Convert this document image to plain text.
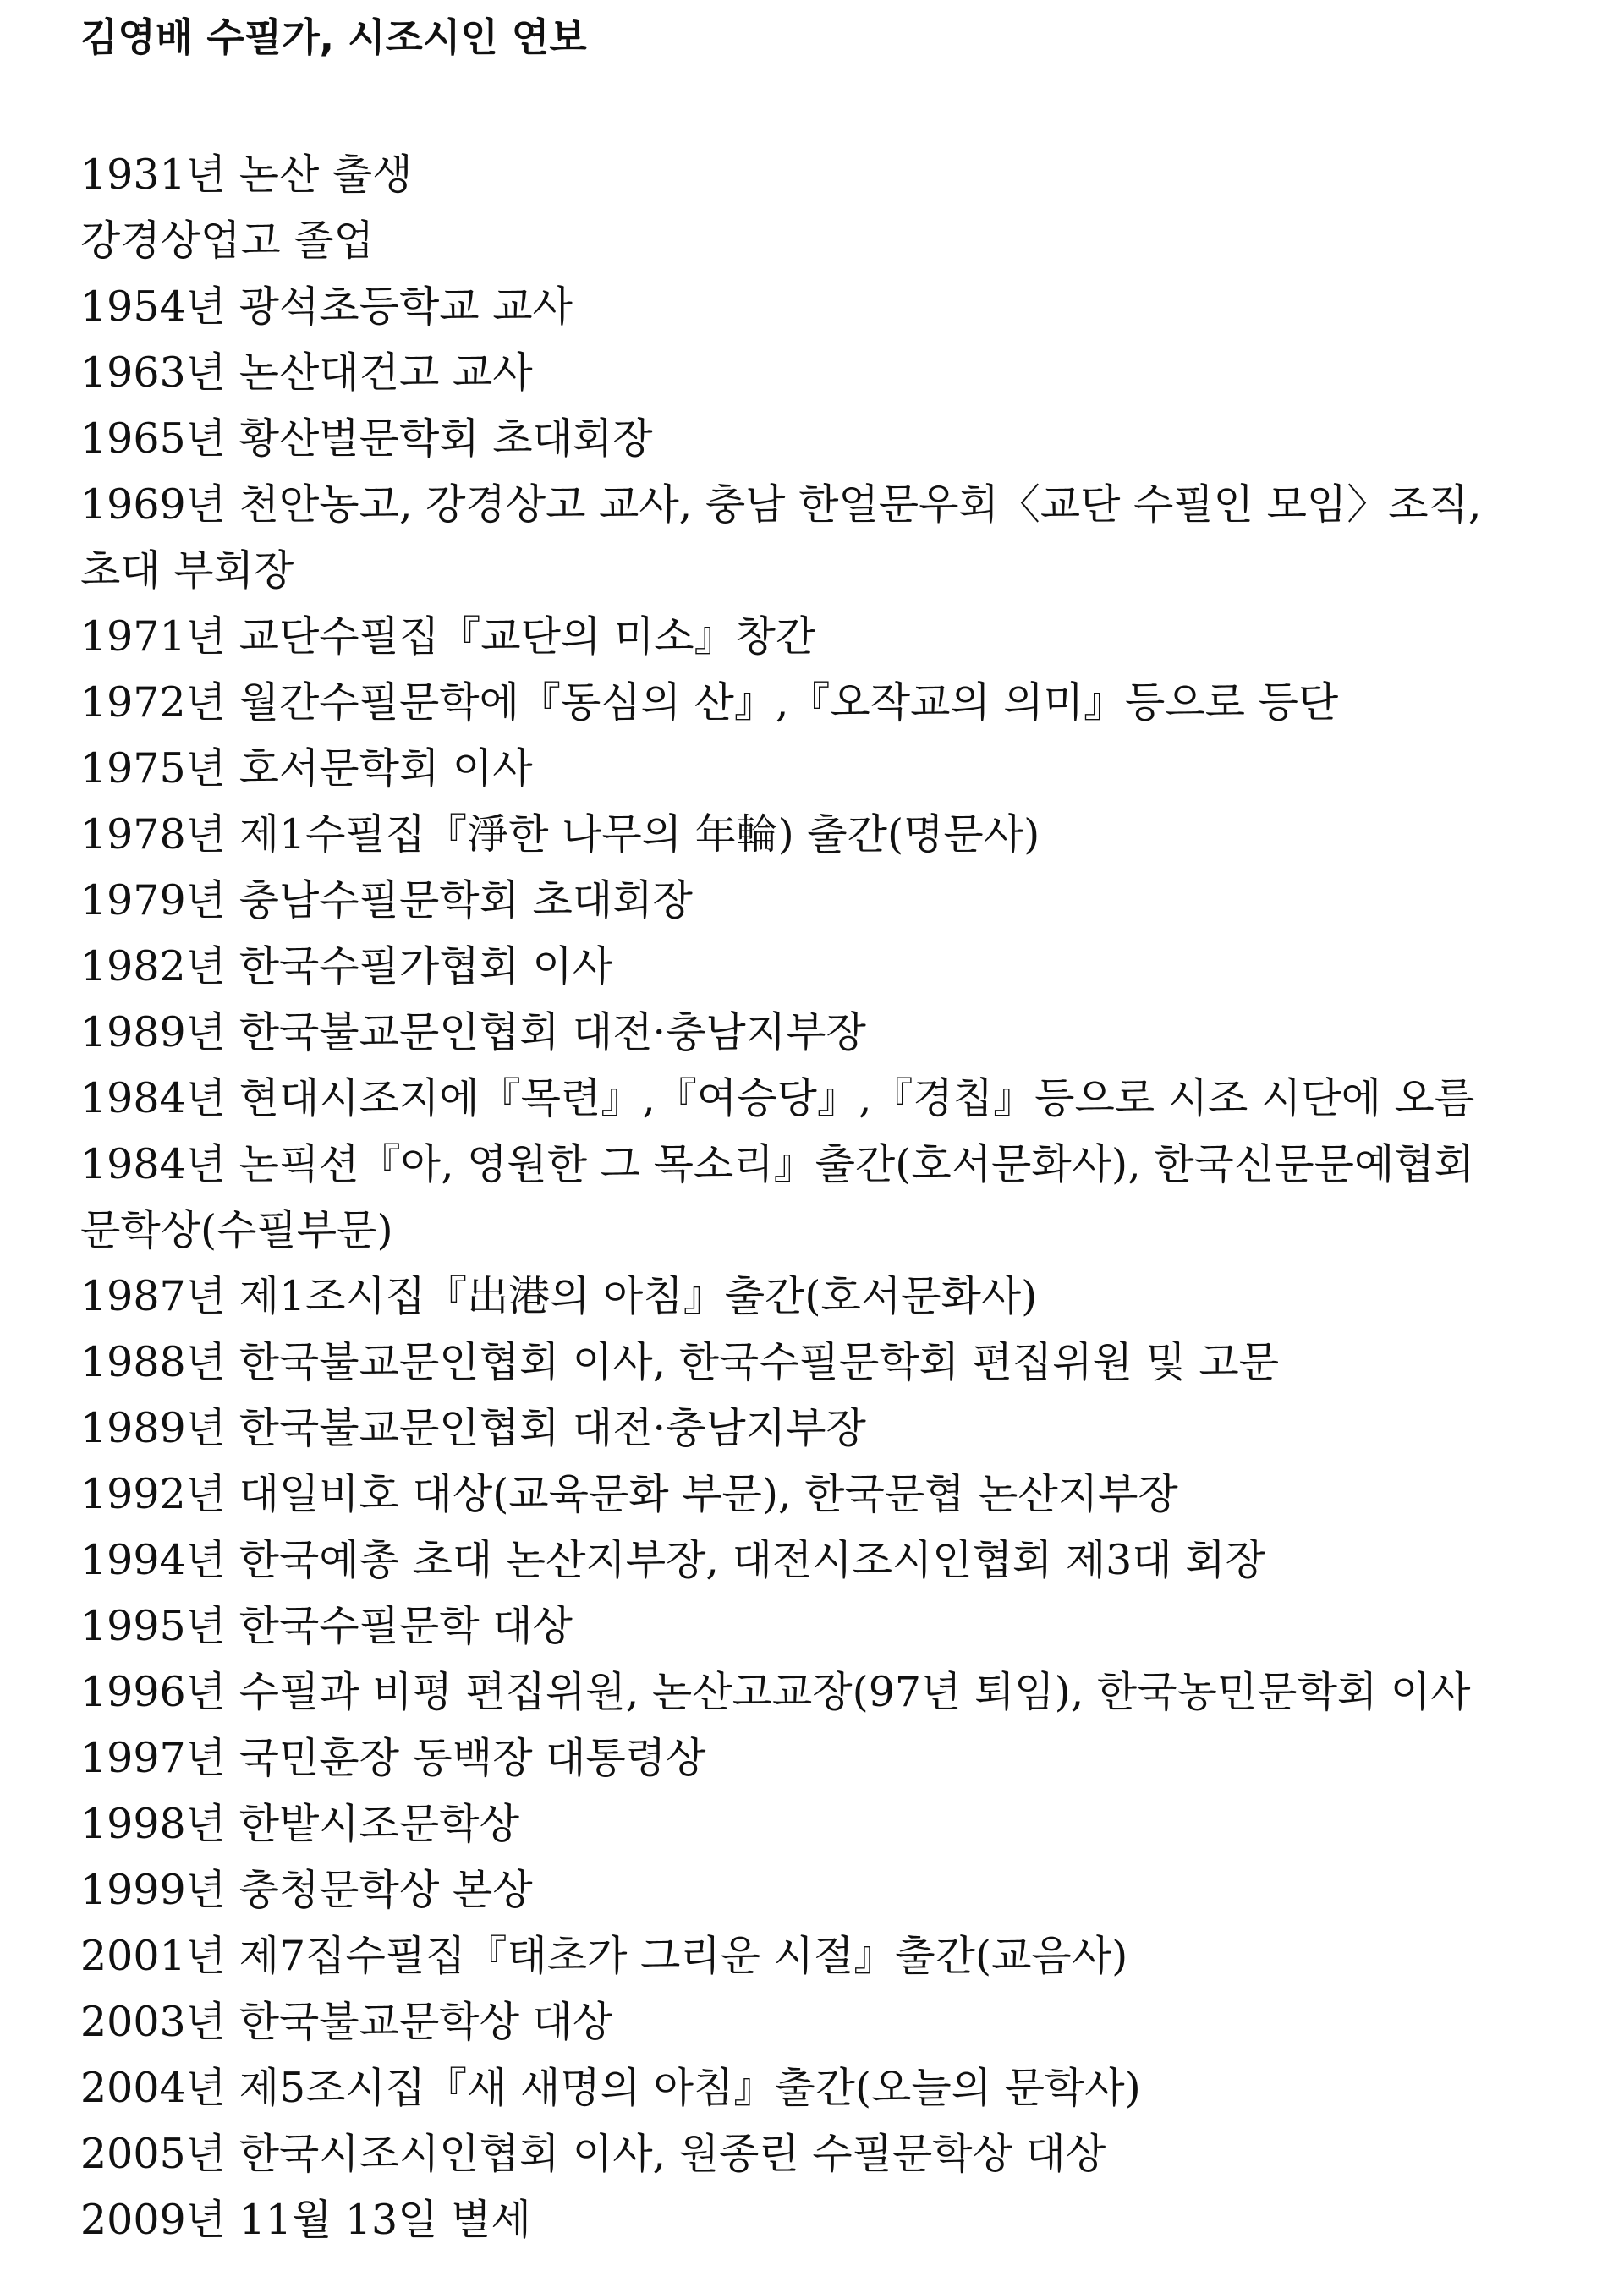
김영배 수필가, 시조시인 연보
1931년 논산 출생
강경상업고 졸업
1954년 광석초등학교 교사
1963년 논산대건고 교사
1965년 황산벌문학회 초대회장
1969년 천안농고, 강경상고 교사, 충남 한얼문우회〈교단 수필인 모임〉조직,
초대 부회장
1971년 교단수필집『교단의 미소』창간
1972년 월간수필문학에『동심의 산』,『오작교의 의미』등으로 등단
1975년 호서문학회 이사
1978년 제1수필집『淨한 나무의 年輪) 출간(명문사)
1979년 충남수필문학회 초대회장
1982년 한국수필가협회 이사
1989년 한국불교문인협회 대전·충남지부장
1984년 현대시조지에『목련』,『여승당』,『경칩』등으로 시조 시단에 오름
1984년 논픽션『아, 영원한 그 목소리』출간(호서문화사), 한국신문문예협회
문학상(수필부문)
1987년 제1조시집『出港의 아침』출간(호서문화사)
1988년 한국불교문인협회 이사, 한국수필문학회 편집위원 및 고문
1989년 한국불교문인협회 대전·충남지부장
1992년 대일비호 대상(교육문화 부문), 한국문협 논산지부장
1994년 한국예총 초대 논산지부장, 대전시조시인협회 제3대 회장
1995년 한국수필문학 대상
1996년 수필과 비평 편집위원, 논산고교장(97년 퇴임), 한국농민문학회 이사
1997년 국민훈장 동백장 대통령상
1998년 한밭시조문학상
1999년 충청문학상 본상
2001년 제7집수필집『태초가 그리운 시절』출간(교음사)
2003년 한국불교문학상 대상
2004년 제5조시집『새 새명의 아침』출간(오늘의 문학사)
2005년 한국시조시인협회 이사, 원종린 수필문학상 대상
2009년 11월 13일 별세
